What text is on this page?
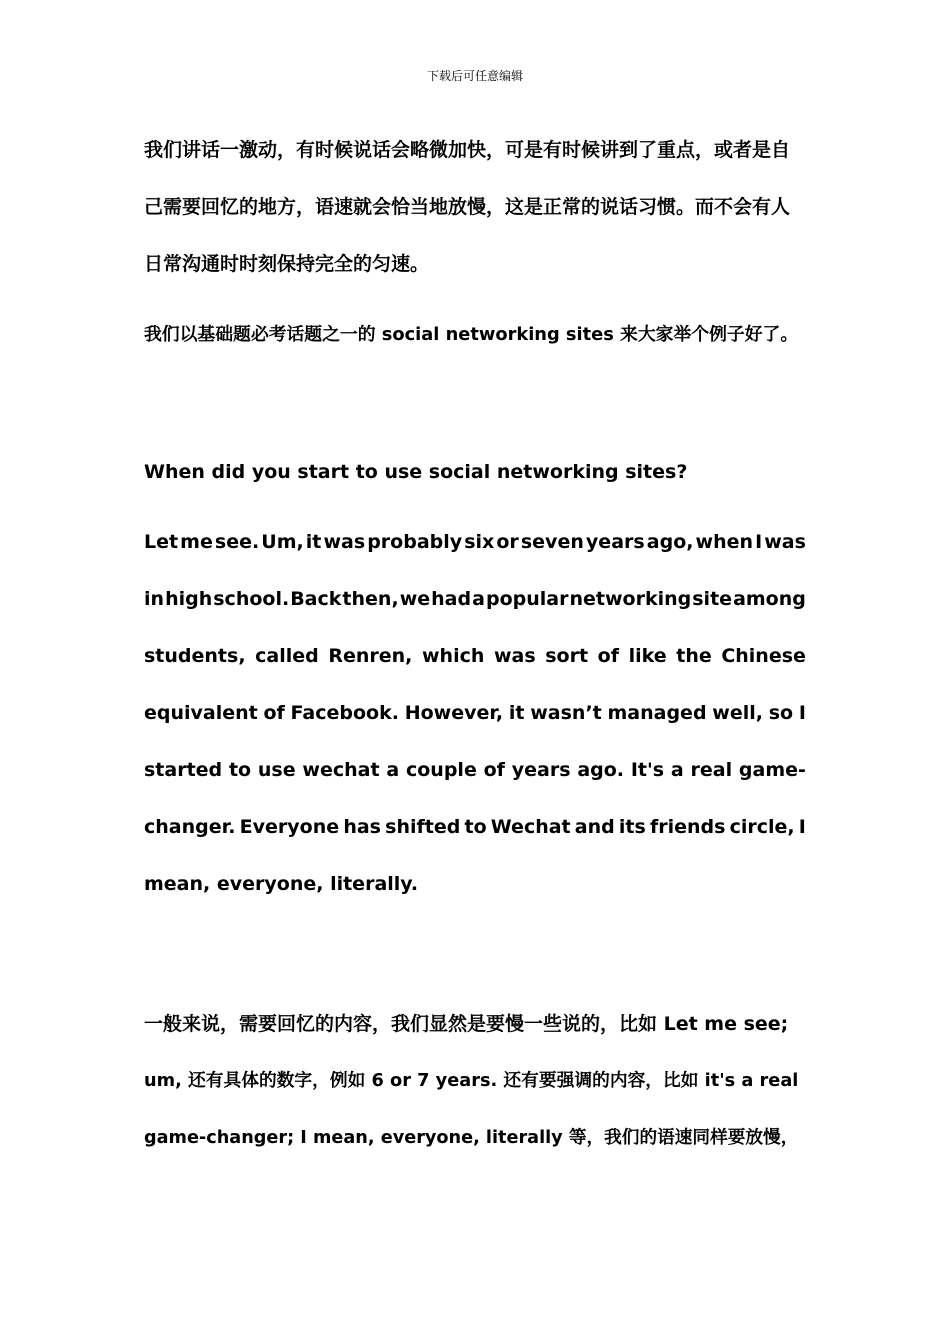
下载后可任意编辑
我们讲话一激动，有时候说话会略微加快，可是有时候讲到了重点，或者是自
己需要回忆的地方，语速就会恰当地放慢，这是正常的说话习惯。而不会有人
日常沟通时时刻保持完全的匀速。
我们以基础题必考话题之一的 social networking sites 来大家举个例子好了。
When did you start to use social networking sites?
Let me see. Um, it was probably six or seven years ago, when I was
in high school. Back then, we had a popular networking site among
students, called Renren, which was sort of like the Chinese
equivalent of Facebook. However, it wasn’t managed well, so I
started to use wechat a couple of years ago. It's a real game-
changer. Everyone has shifted to Wechat and its friends circle, I
mean, everyone, literally.
一般来说，需要回忆的内容，我们显然是要慢一些说的，比如 Let me see;
um, 还有具体的数字，例如 6 or 7 years. 还有要强调的内容，比如 it's a real
game-changer; I mean, everyone, literally 等，我们的语速同样要放慢，
